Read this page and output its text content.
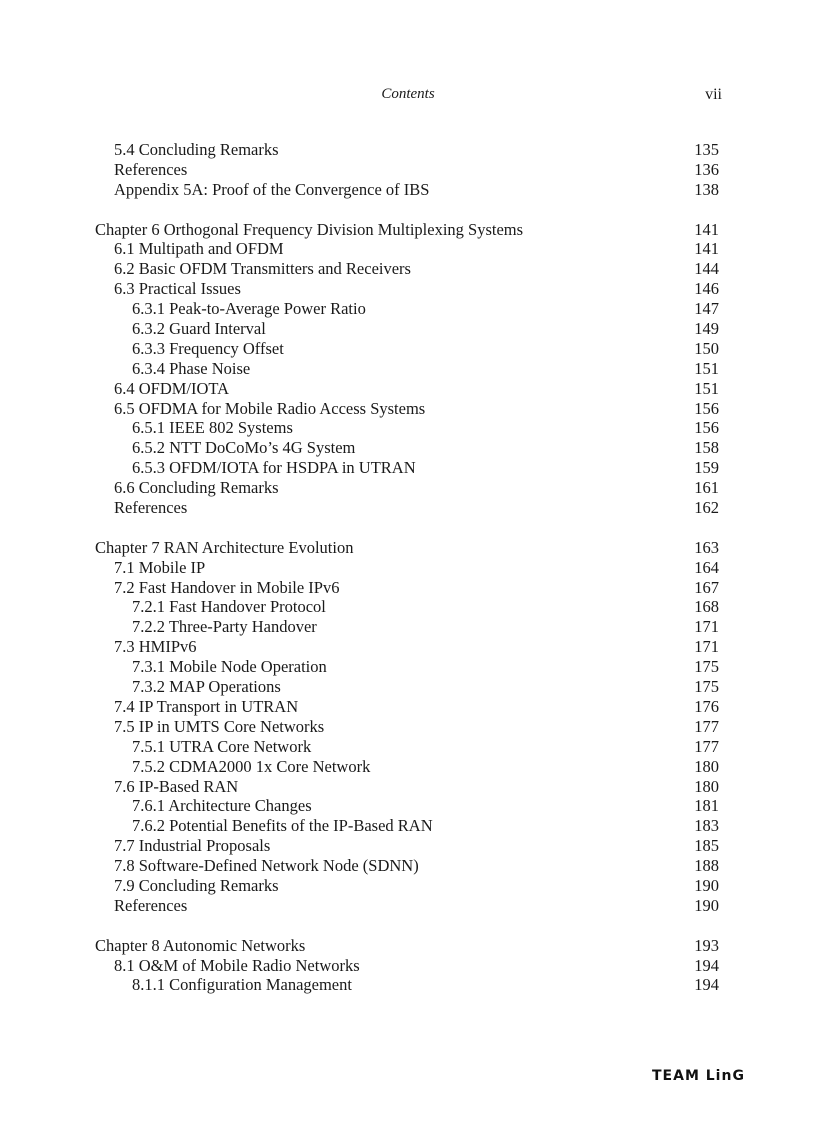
Contents	vii
5.4 Concluding Remarks	135
References	136
Appendix 5A: Proof of the Convergence of IBS	138
Chapter 6 Orthogonal Frequency Division Multiplexing Systems	141
6.1 Multipath and OFDM	141
6.2 Basic OFDM Transmitters and Receivers	144
6.3 Practical Issues	146
6.3.1 Peak-to-Average Power Ratio	147
6.3.2 Guard Interval	149
6.3.3 Frequency Offset	150
6.3.4 Phase Noise	151
6.4 OFDM/IOTA	151
6.5 OFDMA for Mobile Radio Access Systems	156
6.5.1 IEEE 802 Systems	156
6.5.2 NTT DoCoMo’s 4G System	158
6.5.3 OFDM/IOTA for HSDPA in UTRAN	159
6.6 Concluding Remarks	161
References	162
Chapter 7 RAN Architecture Evolution	163
7.1 Mobile IP	164
7.2 Fast Handover in Mobile IPv6	167
7.2.1 Fast Handover Protocol	168
7.2.2 Three-Party Handover	171
7.3 HMIPv6	171
7.3.1 Mobile Node Operation	175
7.3.2 MAP Operations	175
7.4 IP Transport in UTRAN	176
7.5 IP in UMTS Core Networks	177
7.5.1 UTRA Core Network	177
7.5.2 CDMA2000 1x Core Network	180
7.6 IP-Based RAN	180
7.6.1 Architecture Changes	181
7.6.2 Potential Benefits of the IP-Based RAN	183
7.7 Industrial Proposals	185
7.8 Software-Defined Network Node (SDNN)	188
7.9 Concluding Remarks	190
References	190
Chapter 8 Autonomic Networks	193
8.1 O&M of Mobile Radio Networks	194
8.1.1 Configuration Management	194
TEAM LinG
